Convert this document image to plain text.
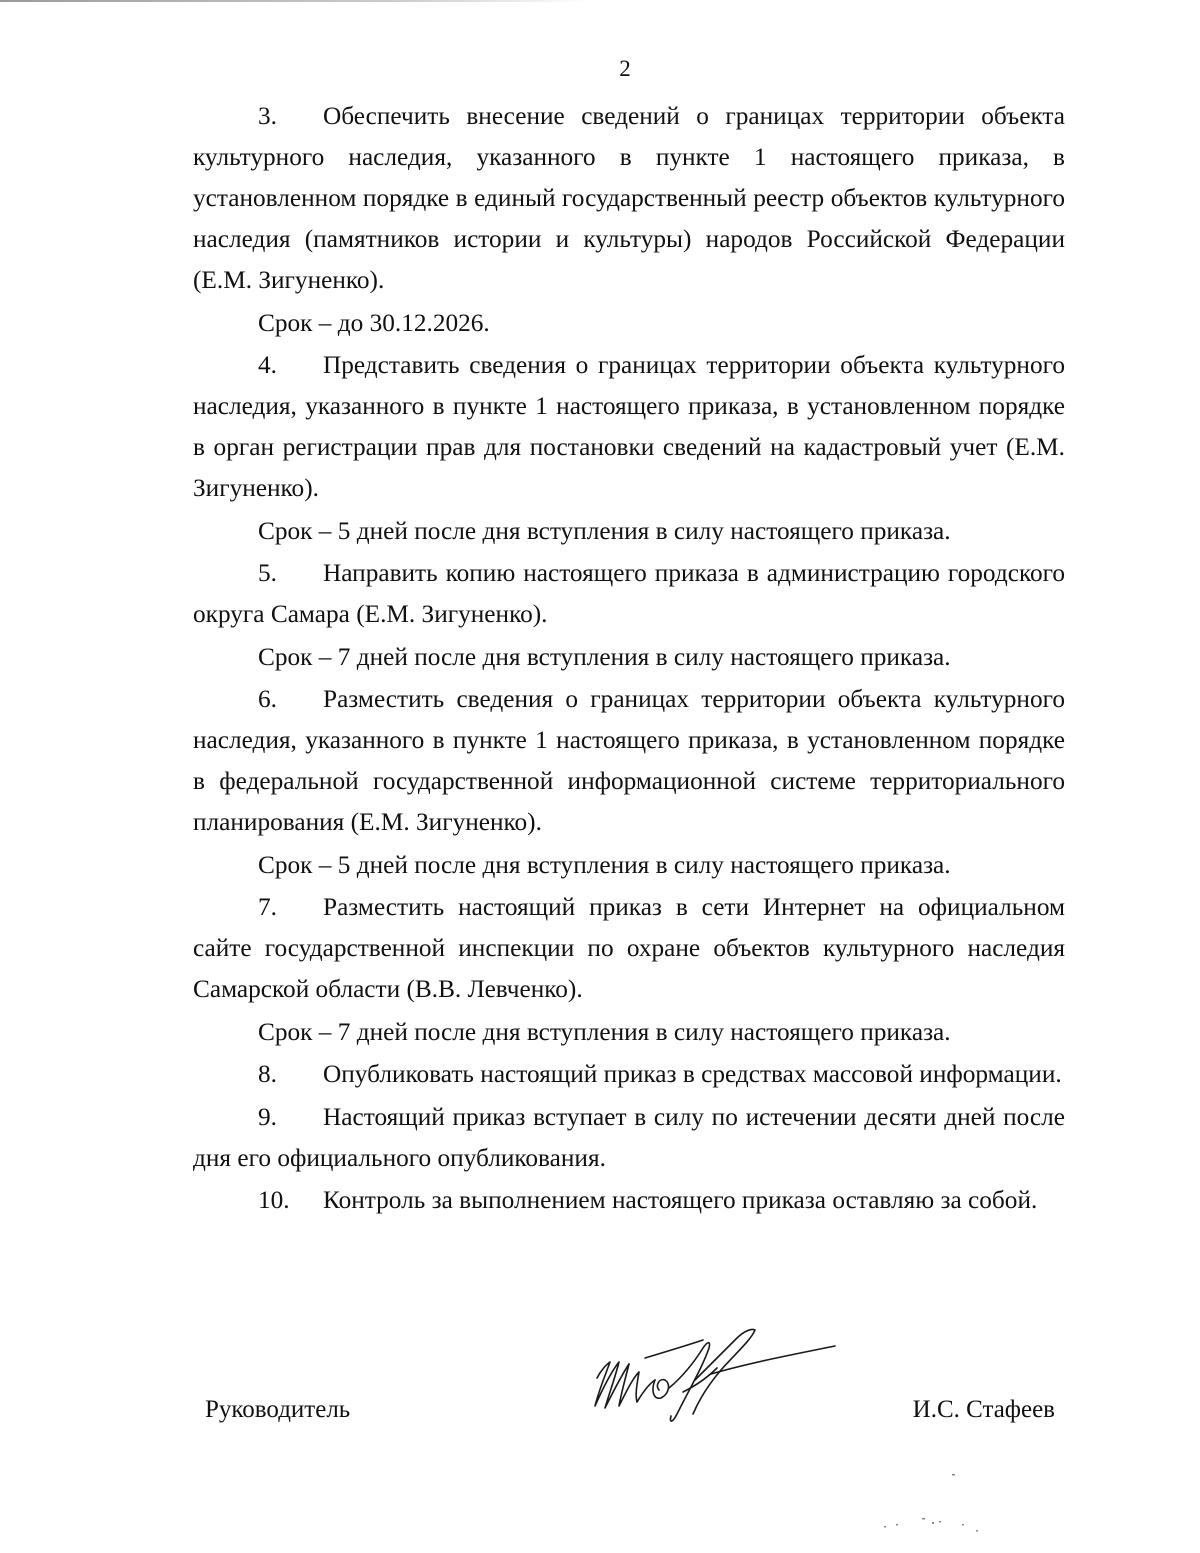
2

3. Обеспечить внесение сведений о границах территории объекта культурного наследия, указанного в пункте 1 настоящего приказа, в установленном порядке в единый государственный реестр объектов культурного наследия (памятников истории и культуры) народов Российской Федерации (Е.М. Зигуненко).

Срок – до 30.12.2026.

4. Представить сведения о границах территории объекта культурного наследия, указанного в пункте 1 настоящего приказа, в установленном порядке в орган регистрации прав для постановки сведений на кадастровый учет (Е.М. Зигуненко).

Срок – 5 дней после дня вступления в силу настоящего приказа.

5. Направить копию настоящего приказа в администрацию городского округа Самара (Е.М. Зигуненко).

Срок – 7 дней после дня вступления в силу настоящего приказа.

6. Разместить сведения о границах территории объекта культурного наследия, указанного в пункте 1 настоящего приказа, в установленном порядке в федеральной государственной информационной системе территориального планирования (Е.М. Зигуненко).

Срок – 5 дней после дня вступления в силу настоящего приказа.

7. Разместить настоящий приказ в сети Интернет на официальном сайте государственной инспекции по охране объектов культурного наследия Самарской области (В.В. Левченко).

Срок – 7 дней после дня вступления в силу настоящего приказа.

8. Опубликовать настоящий приказ в средствах массовой информации.

9. Настоящий приказ вступает в силу по истечении десяти дней после дня его официального опубликования.

10. Контроль за выполнением настоящего приказа оставляю за собой.

Руководитель	И.С. Стафеев
